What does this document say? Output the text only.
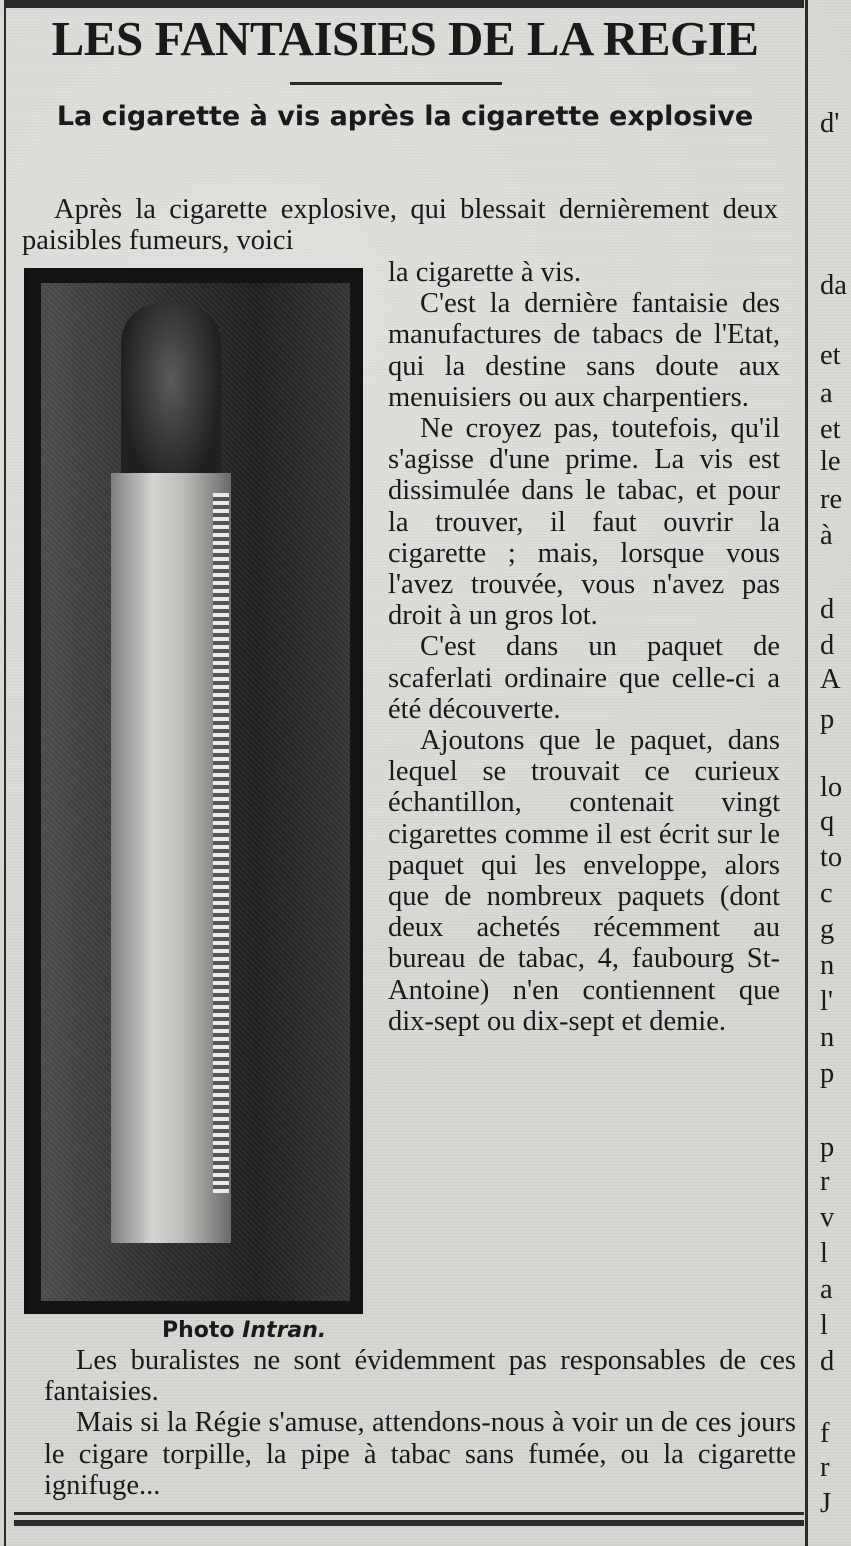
LES FANTAISIES DE LA REGIE
La cigarette à vis après la cigarette explosive

Après la cigarette explosive, qui blessait dernièrement deux paisibles fumeurs, voici

la cigarette à vis.

C'est la dernière fantaisie des manufactures de tabacs de l'Etat, qui la destine sans doute aux menuisiers ou aux charpentiers.

Ne croyez pas, toutefois, qu'il s'agisse d'une prime. La vis est dissimulée dans le tabac, et pour la trouver, il faut ouvrir la cigarette ; mais, lorsque vous l'avez trouvée, vous n'avez pas droit à un gros lot.

C'est dans un paquet de scaferlati ordinaire que celle-ci a été découverte.

Ajoutons que le paquet, dans lequel se trouvait ce curieux échantillon, contenait vingt cigarettes comme il est écrit sur le paquet qui les enveloppe, alors que de nombreux paquets (dont deux achetés récemment au bureau de tabac, 4, faubourg St-Antoine) n'en contiennent que dix-sept ou dix-sept et demie.

Photo Intran.

Les buralistes ne sont évidemment pas responsables de ces fantaisies.

Mais si la Régie s'amuse, attendons-nous à voir un de ces jours le cigare torpille, la pipe à tabac sans fumée, ou la cigarette ignifuge...

d'
da
et
a
et
le
re
à
d
d
A
p
lo
q
to
c
g
n
l'
n
p
p
r
v
l
a
l
d
f
r
J
